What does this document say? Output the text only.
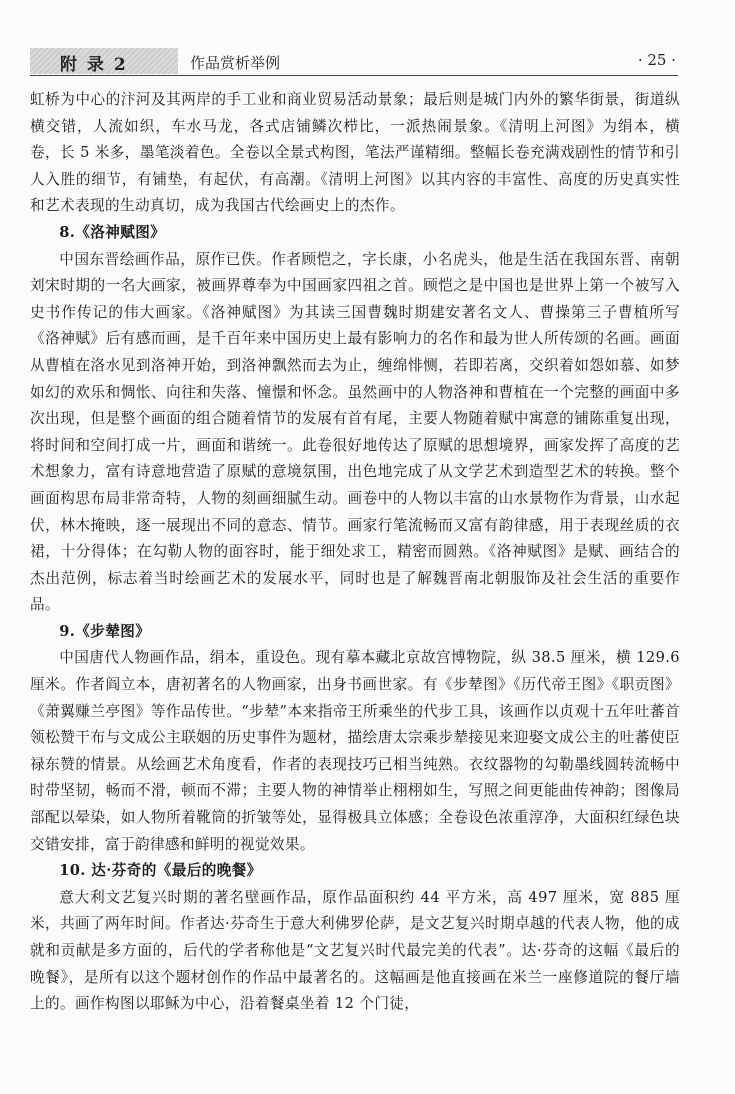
附 录 2	作品赏析举例	· 25 ·

虹桥为中心的汴河及其两岸的手工业和商业贸易活动景象；最后则是城门内外的繁华街景，街道纵横交错，人流如织，车水马龙，各式店铺鳞次栉比，一派热闹景象。《清明上河图》为绢本，横卷，长 5 米多，墨笔淡着色。全卷以全景式构图，笔法严谨精细。整幅长卷充满戏剧性的情节和引人入胜的细节，有铺垫，有起伏，有高潮。《清明上河图》以其内容的丰富性、高度的历史真实性和艺术表现的生动真切，成为我国古代绘画史上的杰作。

8.《洛神赋图》

中国东晋绘画作品，原作已佚。作者顾恺之，字长康，小名虎头，他是生活在我国东晋、南朝刘宋时期的一名大画家，被画界尊奉为中国画家四祖之首。顾恺之是中国也是世界上第一个被写入史书作传记的伟大画家。《洛神赋图》为其读三国曹魏时期建安著名文人、曹操第三子曹植所写《洛神赋》后有感而画，是千百年来中国历史上最有影响力的名作和最为世人所传颂的名画。画面从曹植在洛水见到洛神开始，到洛神飘然而去为止，缠绵悱恻，若即若离，交织着如怨如慕、如梦如幻的欢乐和惆怅、向往和失落、憧憬和怀念。虽然画中的人物洛神和曹植在一个完整的画面中多次出现，但是整个画面的组合随着情节的发展有首有尾，主要人物随着赋中寓意的铺陈重复出现，将时间和空间打成一片，画面和谐统一。此卷很好地传达了原赋的思想境界，画家发挥了高度的艺术想象力，富有诗意地营造了原赋的意境氛围，出色地完成了从文学艺术到造型艺术的转换。整个画面构思布局非常奇特，人物的刻画细腻生动。画卷中的人物以丰富的山水景物作为背景，山水起伏，林木掩映，逐一展现出不同的意态、情节。画家行笔流畅而又富有韵律感，用于表现丝质的衣裙，十分得体；在勾勒人物的面容时，能于细处求工，精密而圆熟。《洛神赋图》是赋、画结合的杰出范例，标志着当时绘画艺术的发展水平，同时也是了解魏晋南北朝服饰及社会生活的重要作品。

9.《步辇图》

中国唐代人物画作品，绢本，重设色。现有摹本藏北京故宫博物院，纵 38.5 厘米，横 129.6 厘米。作者阎立本，唐初著名的人物画家，出身书画世家。有《步辇图》《历代帝王图》《职贡图》《萧翼赚兰亭图》等作品传世。“步辇”本来指帝王所乘坐的代步工具，该画作以贞观十五年吐蕃首领松赞干布与文成公主联姻的历史事件为题材，描绘唐太宗乘步辇接见来迎娶文成公主的吐蕃使臣禄东赞的情景。从绘画艺术角度看，作者的表现技巧已相当纯熟。衣纹器物的勾勒墨线圆转流畅中时带坚韧，畅而不滑，顿而不滞；主要人物的神情举止栩栩如生，写照之间更能曲传神韵；图像局部配以晕染，如人物所着靴筒的折皱等处，显得极具立体感；全卷设色浓重淳净，大面积红绿色块交错安排，富于韵律感和鲜明的视觉效果。

10. 达·芬奇的《最后的晚餐》

意大利文艺复兴时期的著名壁画作品，原作品面积约 44 平方米，高 497 厘米，宽 885 厘米，共画了两年时间。作者达·芬奇生于意大利佛罗伦萨，是文艺复兴时期卓越的代表人物，他的成就和贡献是多方面的，后代的学者称他是“文艺复兴时代最完美的代表”。达·芬奇的这幅《最后的晚餐》，是所有以这个题材创作的作品中最著名的。这幅画是他直接画在米兰一座修道院的餐厅墙上的。画作构图以耶稣为中心，沿着餐桌坐着 12 个门徒，
